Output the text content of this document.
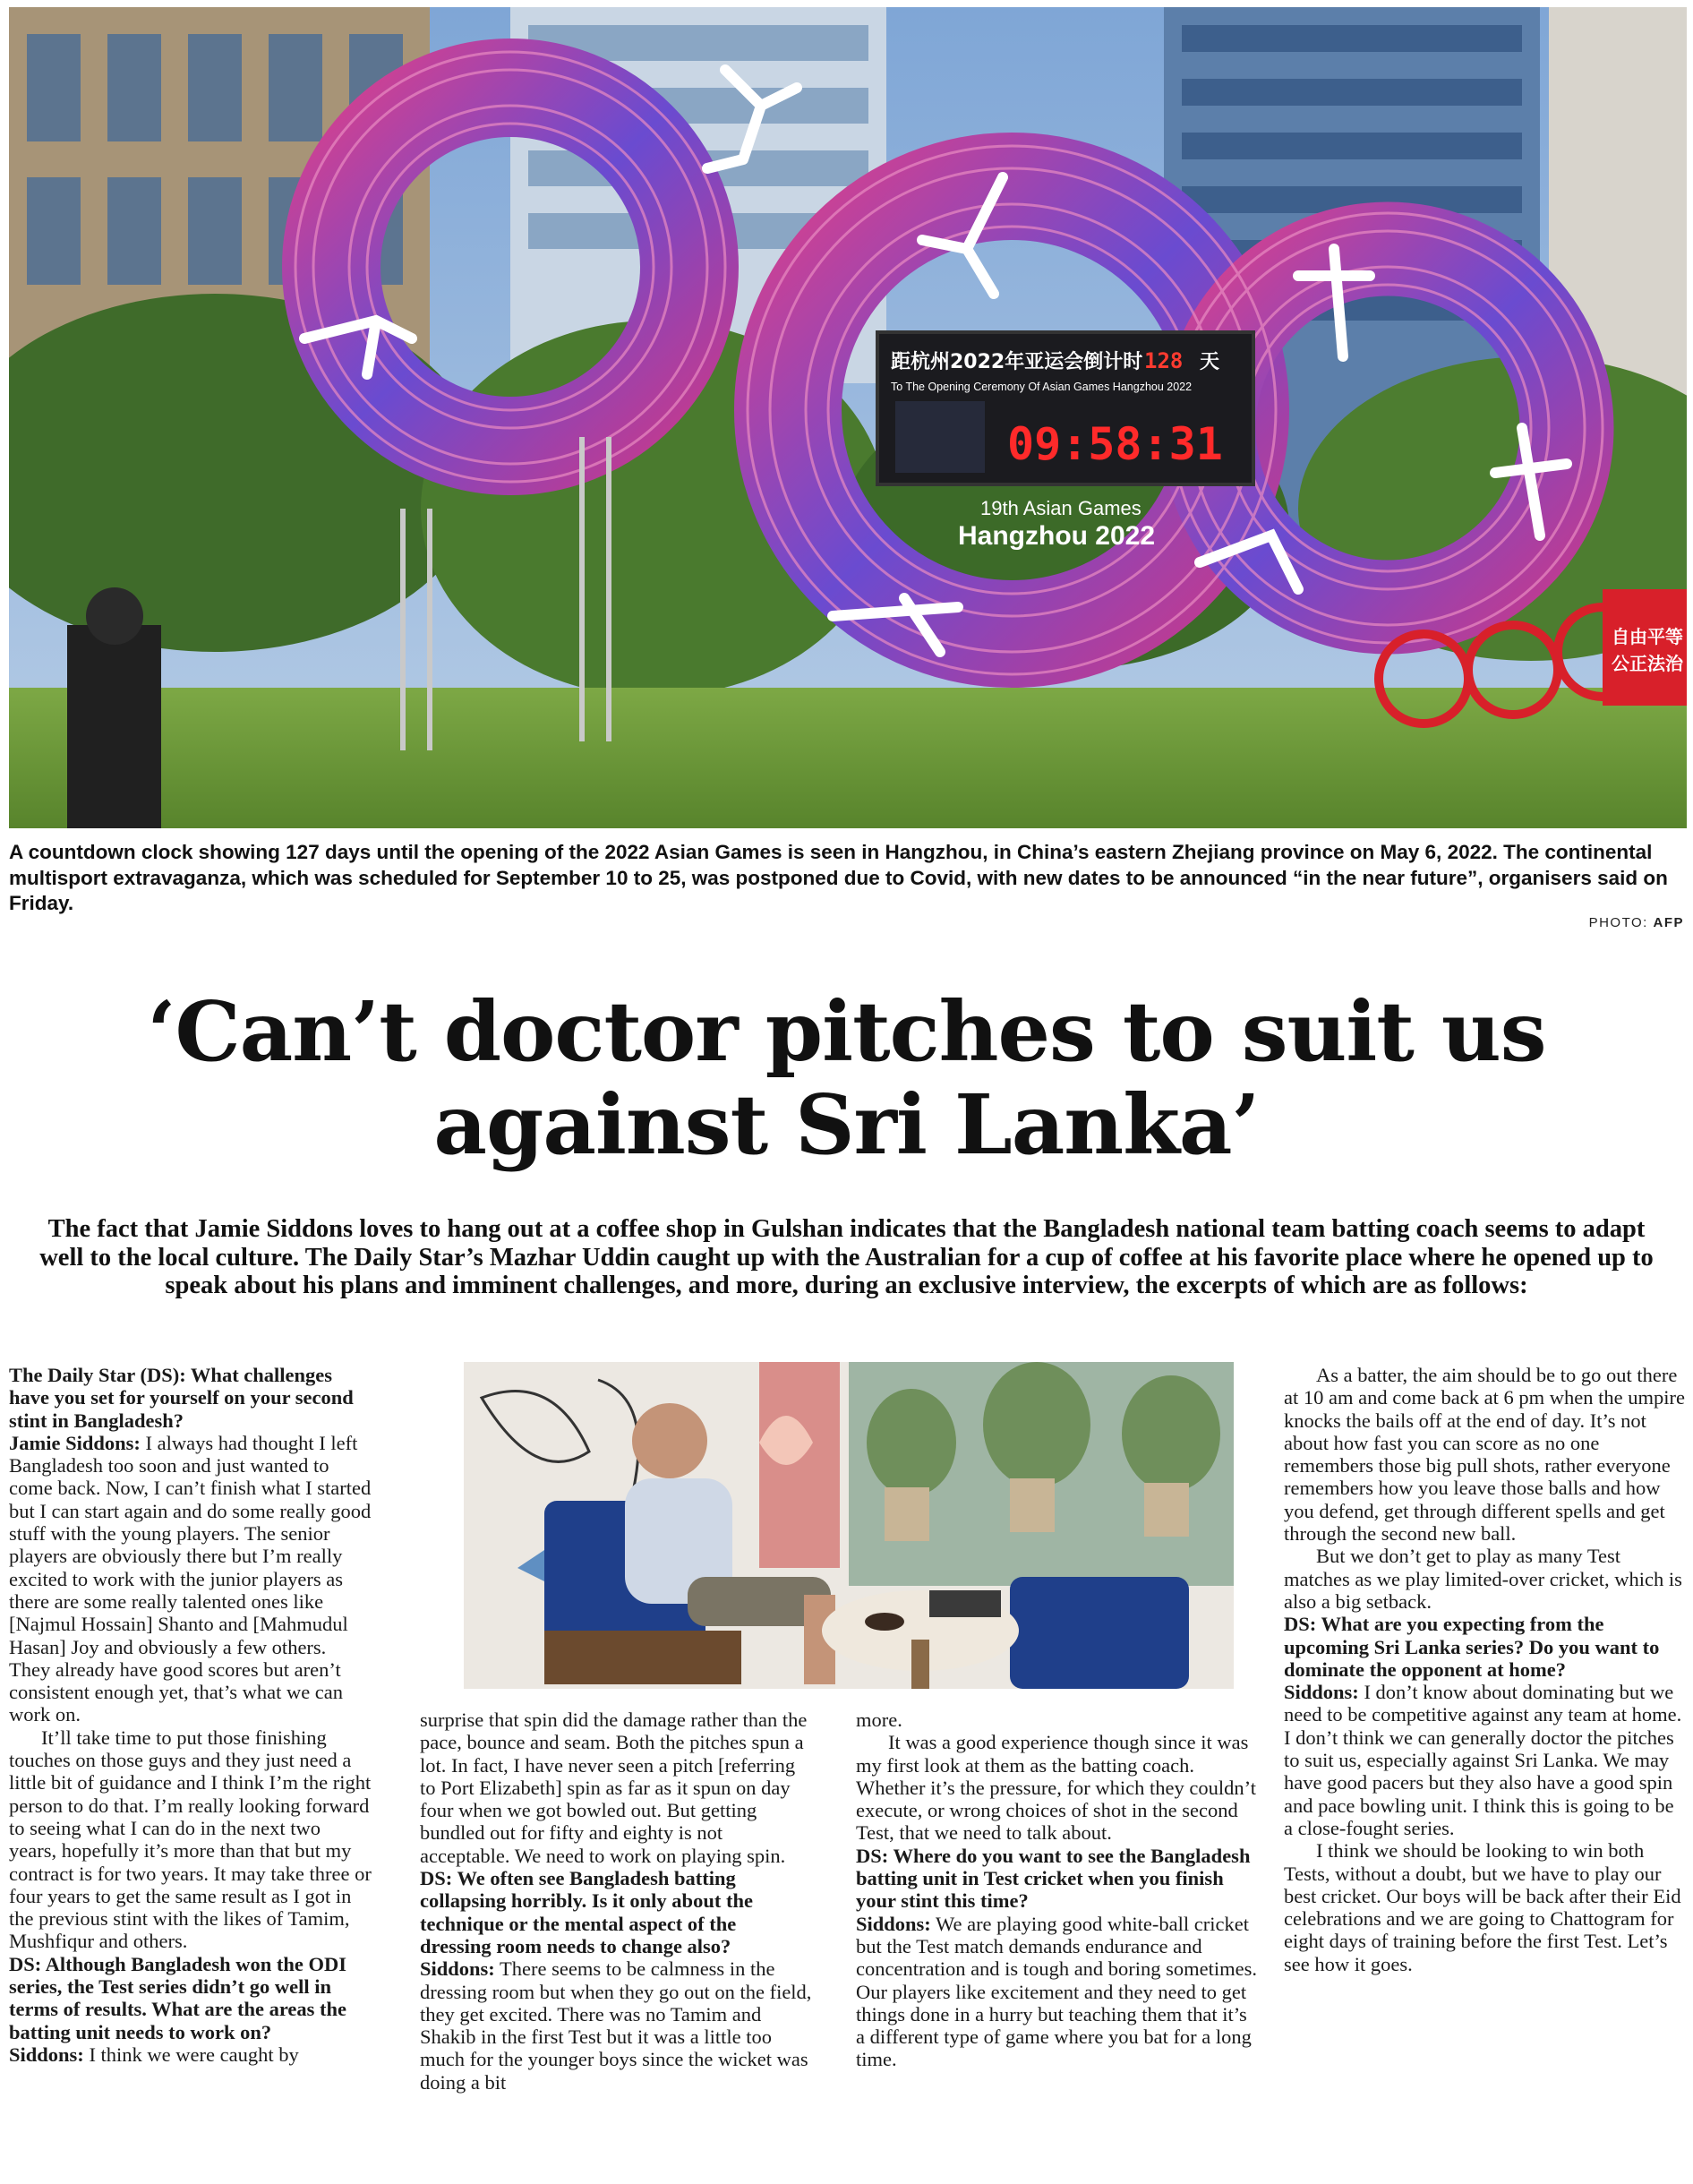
距杭州2022年亚运会倒计时 128 天
To The Opening Ceremony Of Asian Games Hangzhou 2022
09:58:31
19th Asian Games
Hangzhou 2022
自由平等
公正法治
A countdown clock showing 127 days until the opening of the 2022 Asian Games is seen in Hangzhou, in China’s eastern Zhejiang province on May 6, 2022. The continental multisport extravaganza, which was scheduled for September 10 to 25, was postponed due to Covid, with new dates to be announced “in the near future”, organisers said on Friday.
PHOTO: AFP
‘Can’t doctor pitches to suit us against Sri Lanka’
The fact that Jamie Siddons loves to hang out at a coffee shop in Gulshan indicates that the Bangladesh national team batting coach seems to adapt well to the local culture. The Daily Star’s Mazhar Uddin caught up with the Australian for a cup of coffee at his favorite place where he opened up to speak about his plans and imminent challenges, and more, during an exclusive interview, the excerpts of which are as follows:

The Daily Star (DS): What challenges have you set for yourself on your second stint in Bangladesh?

Jamie Siddons: I always had thought I left Bangladesh too soon and just wanted to come back. Now, I can’t finish what I started but I can start again and do some really good stuff with the young players. The senior players are obviously there but I’m really excited to work with the junior players as there are some really talented ones like [Najmul Hossain] Shanto and [Mahmudul Hasan] Joy and obviously a few others. They already have good scores but aren’t consistent enough yet, that’s what we can work on.

It’ll take time to put those finishing touches on those guys and they just need a little bit of guidance and I think I’m the right person to do that. I’m really looking forward to seeing what I can do in the next two years, hopefully it’s more than that but my contract is for two years. It may take three or four years to get the same result as I got in the previous stint with the likes of Tamim, Mushfiqur and others.

DS: Although Bangladesh won the ODI series, the Test series didn’t go well in terms of results. What are the areas the batting unit needs to work on?

Siddons: I think we were caught by

surprise that spin did the damage rather than the pace, bounce and seam. Both the pitches spun a lot. In fact, I have never seen a pitch [referring to Port Elizabeth] spin as far as it spun on day four when we got bowled out. But getting bundled out for fifty and eighty is not acceptable. We need to work on playing spin.

DS: We often see Bangladesh batting collapsing horribly. Is it only about the technique or the mental aspect of the dressing room needs to change also?

Siddons: There seems to be calmness in the dressing room but when they go out on the field, they get excited. There was no Tamim and Shakib in the first Test but it was a little too much for the younger boys since the wicket was doing a bit

more.

It was a good experience though since it was my first look at them as the batting coach. Whether it’s the pressure, for which they couldn’t execute, or wrong choices of shot in the second Test, that we need to talk about.

DS: Where do you want to see the Bangladesh batting unit in Test cricket when you finish your stint this time?

Siddons: We are playing good white-ball cricket but the Test match demands endurance and concentration and is tough and boring sometimes. Our players like excitement and they need to get things done in a hurry but teaching them that it’s a different type of game where you bat for a long time.

As a batter, the aim should be to go out there at 10 am and come back at 6 pm when the umpire knocks the bails off at the end of day. It’s not about how fast you can score as no one remembers those big pull shots, rather everyone remembers how you leave those balls and how you defend, get through different spells and get through the second new ball.

But we don’t get to play as many Test matches as we play limited-over cricket, which is also a big setback.

DS: What are you expecting from the upcoming Sri Lanka series? Do you want to dominate the opponent at home?

Siddons: I don’t know about dominating but we need to be competitive against any team at home. I don’t think we can generally doctor the pitches to suit us, especially against Sri Lanka. We may have good pacers but they also have a good spin and pace bowling unit. I think this is going to be a close-fought series.

I think we should be looking to win both Tests, without a doubt, but we have to play our best cricket. Our boys will be back after their Eid celebrations and we are going to Chattogram for eight days of training before the first Test. Let’s see how it goes.
